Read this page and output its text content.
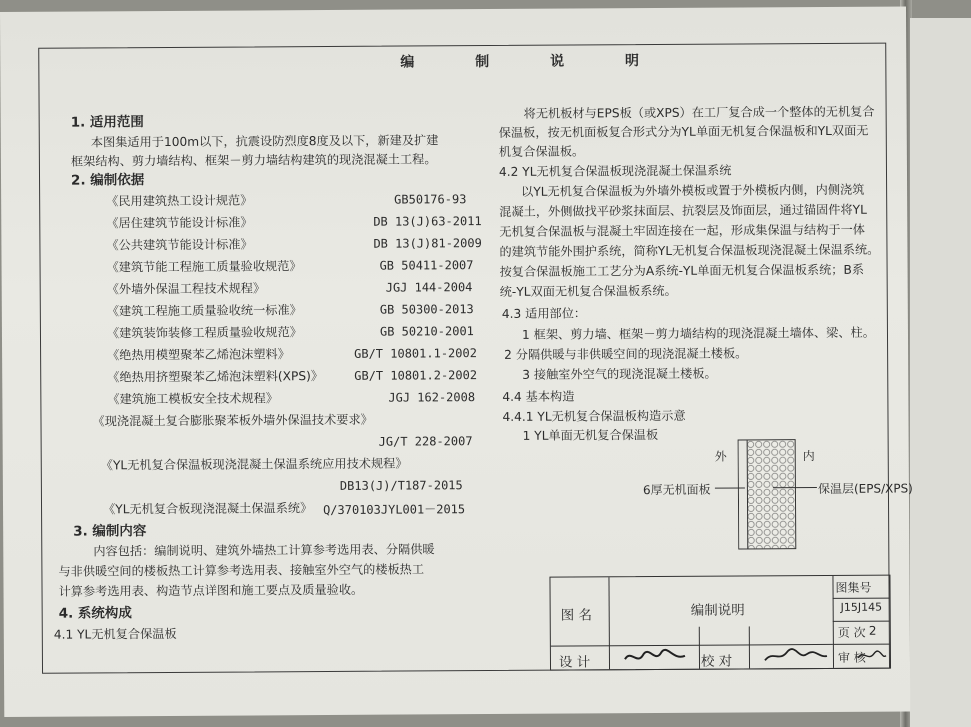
编 制 说 明
1. 适用范围
本图集适用于100m以下，抗震设防烈度8度及以下，新建及扩建
框架结构、剪力墙结构、框架－剪力墙结构建筑的现浇混凝土工程。
2. 编制依据
《民用建筑热工设计规范》	GB50176-93
《居住建筑节能设计标准》	DB 13(J)63-2011
《公共建筑节能设计标准》	DB 13(J)81-2009
《建筑节能工程施工质量验收规范》	GB 50411-2007
《外墙外保温工程技术规程》	JGJ 144-2004
《建筑工程施工质量验收统一标准》	GB 50300-2013
《建筑装饰装修工程质量验收规范》	GB 50210-2001
《绝热用模塑聚苯乙烯泡沫塑料》	GB/T 10801.1-2002
《绝热用挤塑聚苯乙烯泡沫塑料(XPS)》	GB/T 10801.2-2002
《建筑施工模板安全技术规程》	JGJ 162-2008
《现浇混凝土复合膨胀聚苯板外墙外保温技术要求》
JG/T 228-2007
《YL无机复合保温板现浇混凝土保温系统应用技术规程》
DB13(J)/T187-2015
《YL无机复合板现浇混凝土保温系统》 Q/370103JYL001－2015
3. 编制内容
内容包括：编制说明、建筑外墙热工计算参考选用表、分隔供暖
与非供暖空间的楼板热工计算参考选用表、接触室外空气的楼板热工
计算参考选用表、构造节点详图和施工要点及质量验收。
4. 系统构成
4.1 YL无机复合保温板
将无机板材与EPS板（或XPS）在工厂复合成一个整体的无机复合
保温板，按无机面板复合形式分为YL单面无机复合保温板和YL双面无
机复合保温板。
4.2 YL无机复合保温板现浇混凝土保温系统
以YL无机复合保温板为外墙外模板或置于外模板内侧，内侧浇筑
混凝土，外侧做找平砂浆抹面层、抗裂层及饰面层，通过锚固件将YL
无机复合保温板与混凝土牢固连接在一起，形成集保温与结构于一体
的建筑节能外围护系统，简称YL无机复合保温板现浇混凝土保温系统。
按复合保温板施工工艺分为A系统-YL单面无机复合保温板系统；B系
统-YL双面无机复合保温板系统。
4.3 适用部位：
1 框架、剪力墙、框架－剪力墙结构的现浇混凝土墙体、梁、柱。
2 分隔供暖与非供暖空间的现浇混凝土楼板。
3 接触室外空气的现浇混凝土楼板。
4.4 基本构造
4.4.1 YL无机复合保温板构造示意
1 YL单面无机复合保温板
外	内
6厚无机面板	保温层(EPS/XPS)
图 名	编制说明
图集号
J15J145
页 次 2
设 计	校 对	审 核
